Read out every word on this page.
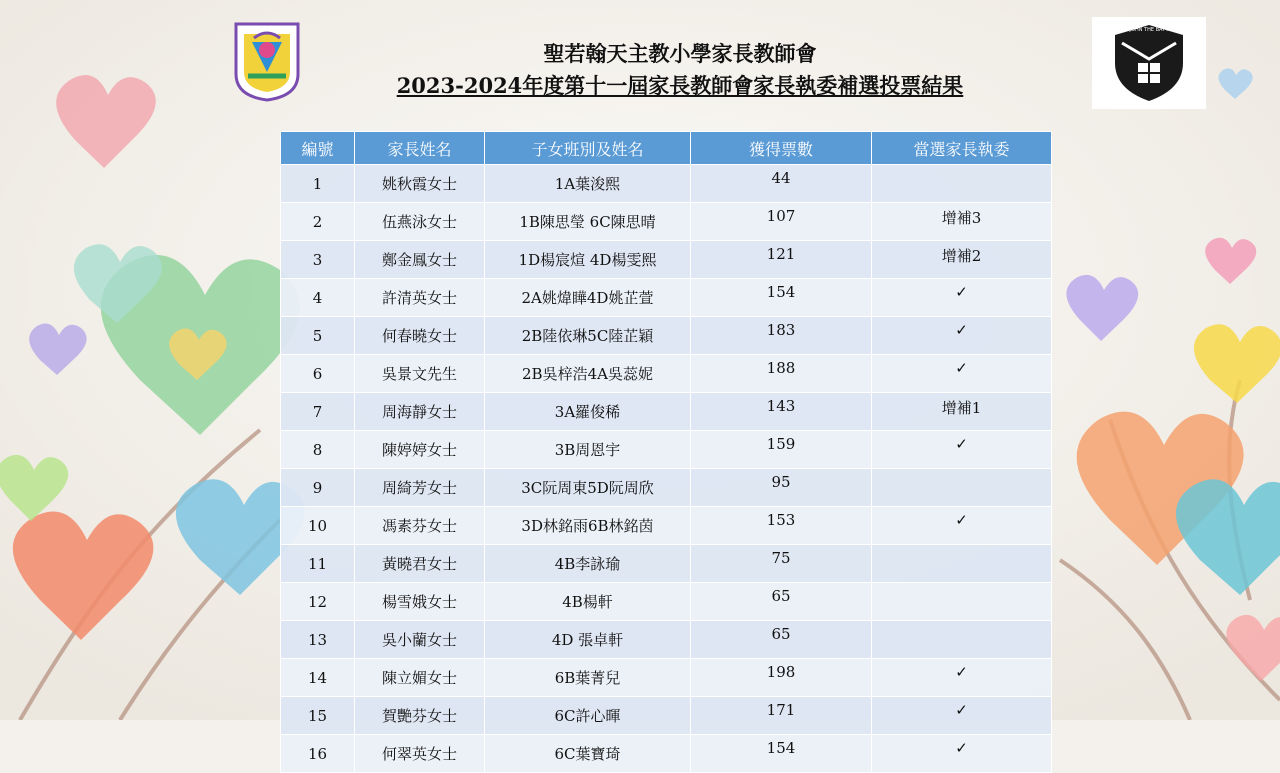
ST JOHN THE BAPTIST
聖若翰天主教小學家長教師會
2023-2024年度第十一屆家長教師會家長執委補選投票結果
編號	家長姓名	子女班別及姓名	獲得票數	當選家長執委
1	姚秋霞女士	1A葉浚熙	44	
2	伍燕泳女士	1B陳思瑩 6C陳思晴	107	增補3
3	鄭金鳳女士	1D楊宸煊 4D楊雯熙	121	增補2
4	許清英女士	2A姚煒瞱4D姚芷萱	154	✓
5	何春曉女士	2B陸依琳5C陸芷穎	183	✓
6	吳景文先生	2B吳梓浩4A吳蕊妮	188	✓
7	周海靜女士	3A羅俊稀	143	增補1
8	陳婷婷女士	3B周恩宇	159	✓
9	周綺芳女士	3C阮周東5D阮周欣	95	
10	馮素芬女士	3D林銘雨6B林銘茵	153	✓
11	黃曉君女士	4B李詠瑜	75	
12	楊雪娥女士	4B楊軒	65	
13	吳小蘭女士	4D 張卓軒	65	
14	陳立媚女士	6B葉菁兒	198	✓
15	賀艷芬女士	6C許心暉	171	✓
16	何翠英女士	6C葉寶琦	154	✓
